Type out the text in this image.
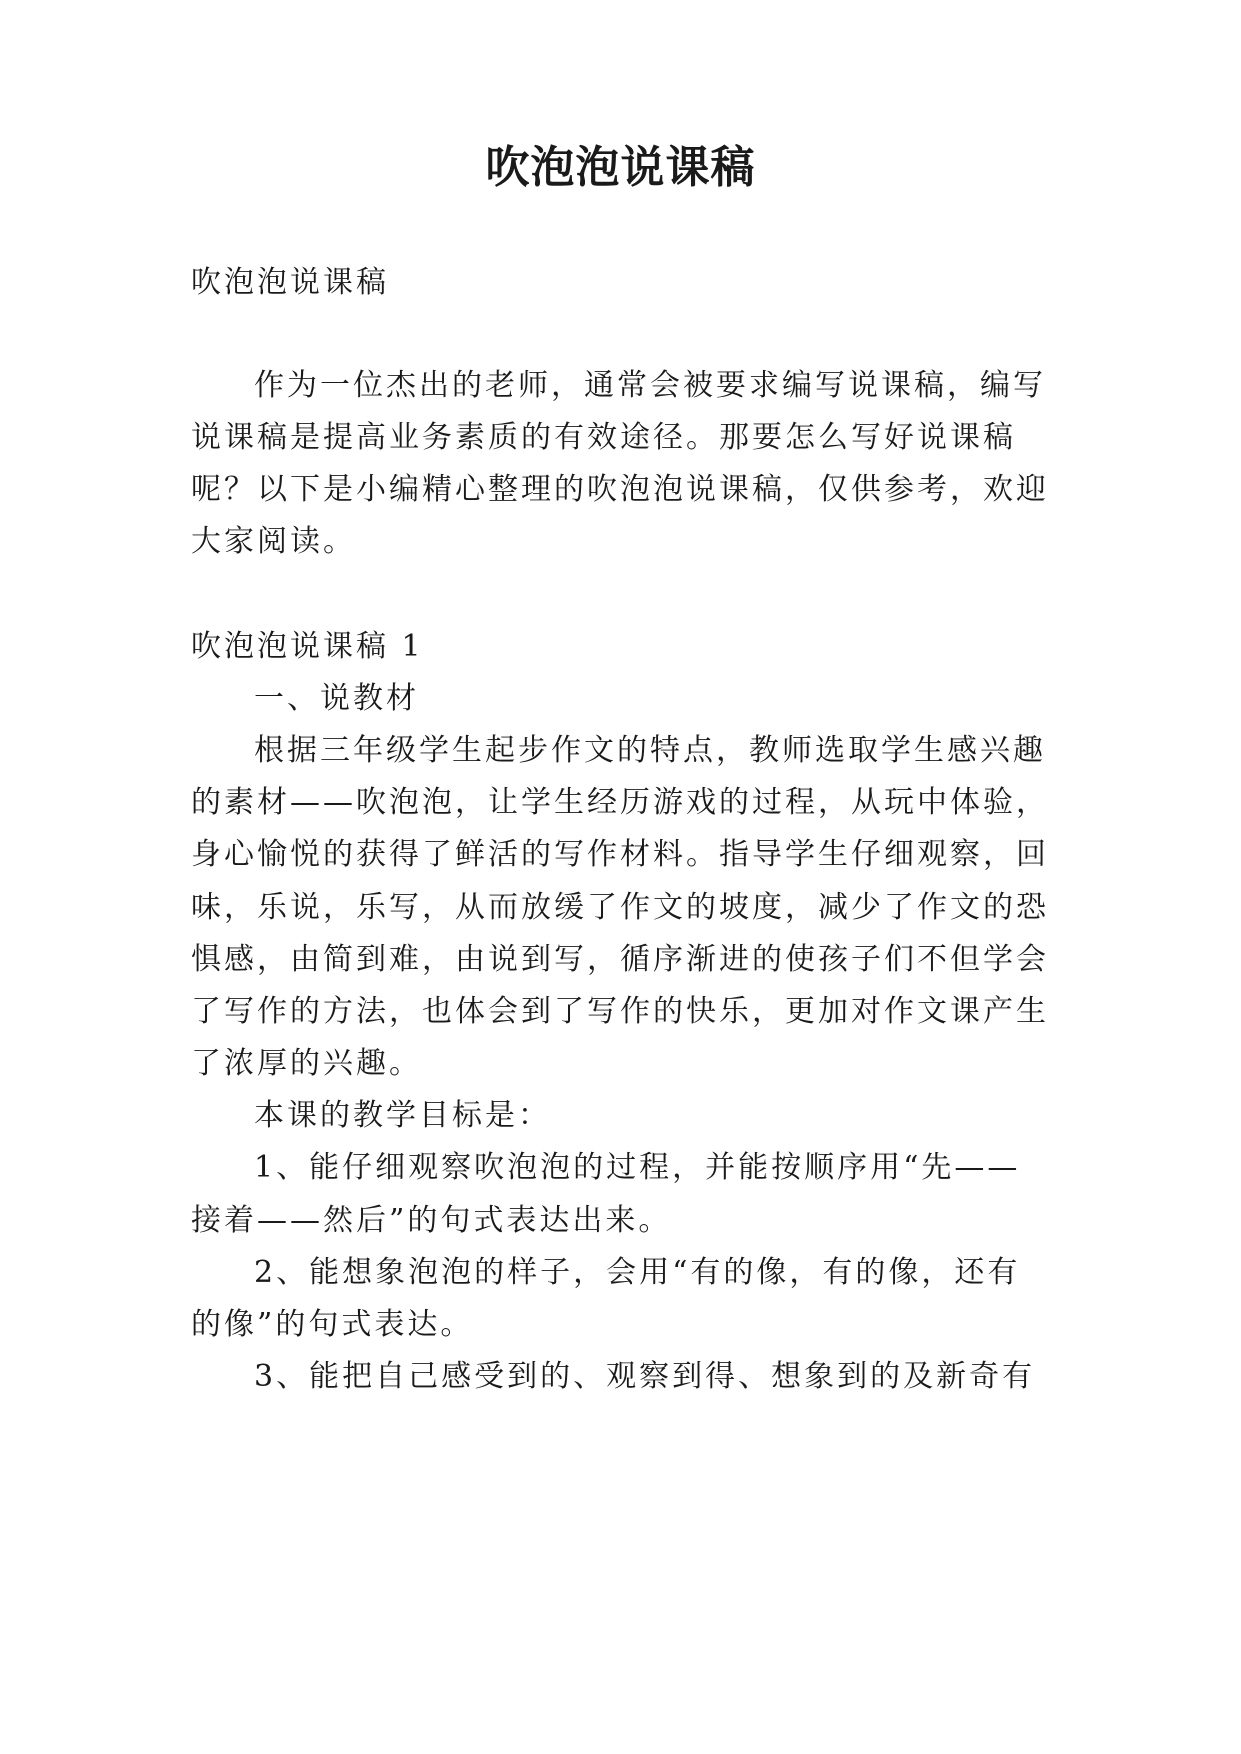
吹泡泡说课稿
吹泡泡说课稿
作为一位杰出的老师，通常会被要求编写说课稿，编写
说课稿是提高业务素质的有效途径。那要怎么写好说课稿
呢？以下是小编精心整理的吹泡泡说课稿，仅供参考，欢迎
大家阅读。
吹泡泡说课稿 1
一、说教材
根据三年级学生起步作文的特点，教师选取学生感兴趣
的素材——吹泡泡，让学生经历游戏的过程，从玩中体验，
身心愉悦的获得了鲜活的写作材料。指导学生仔细观察，回
味，乐说，乐写，从而放缓了作文的坡度，减少了作文的恐
惧感，由简到难，由说到写，循序渐进的使孩子们不但学会
了写作的方法，也体会到了写作的快乐，更加对作文课产生
了浓厚的兴趣。
本课的教学目标是：
1、能仔细观察吹泡泡的过程，并能按顺序用“先——
接着——然后”的句式表达出来。
2、能想象泡泡的样子，会用“有的像，有的像，还有
的像”的句式表达。
3、能把自己感受到的、观察到得、想象到的及新奇有
